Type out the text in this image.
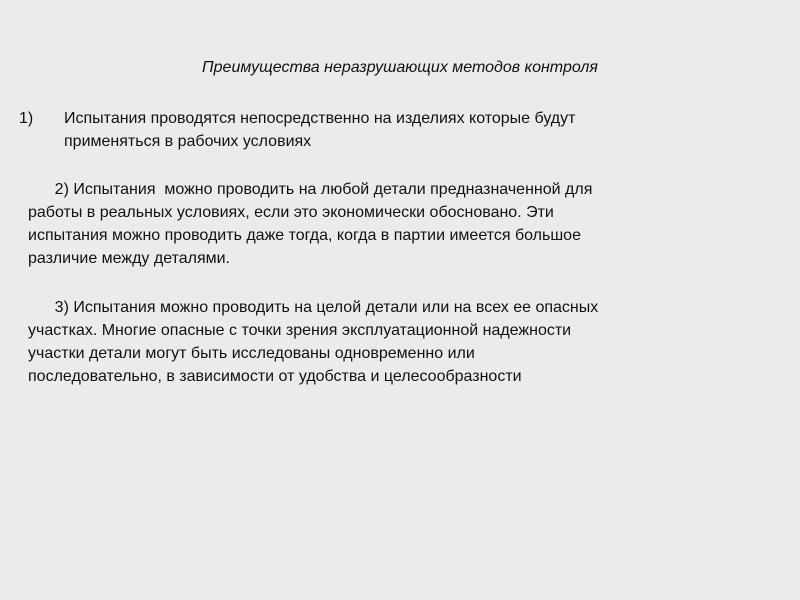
Преимущества неразрушающих методов контроля
1) Испытания проводятся непосредственно на изделиях которые будут
применяться в рабочих условиях
2) Испытания  можно проводить на любой детали предназначенной для
работы в реальных условиях, если это экономически обосновано. Эти
испытания можно проводить даже тогда, когда в партии имеется большое
различие между деталями.
3) Испытания можно проводить на целой детали или на всех ее опасных
участках. Многие опасные с точки зрения эксплуатационной надежности
участки детали могут быть исследованы одновременно или
последовательно, в зависимости от удобства и целесообразности
